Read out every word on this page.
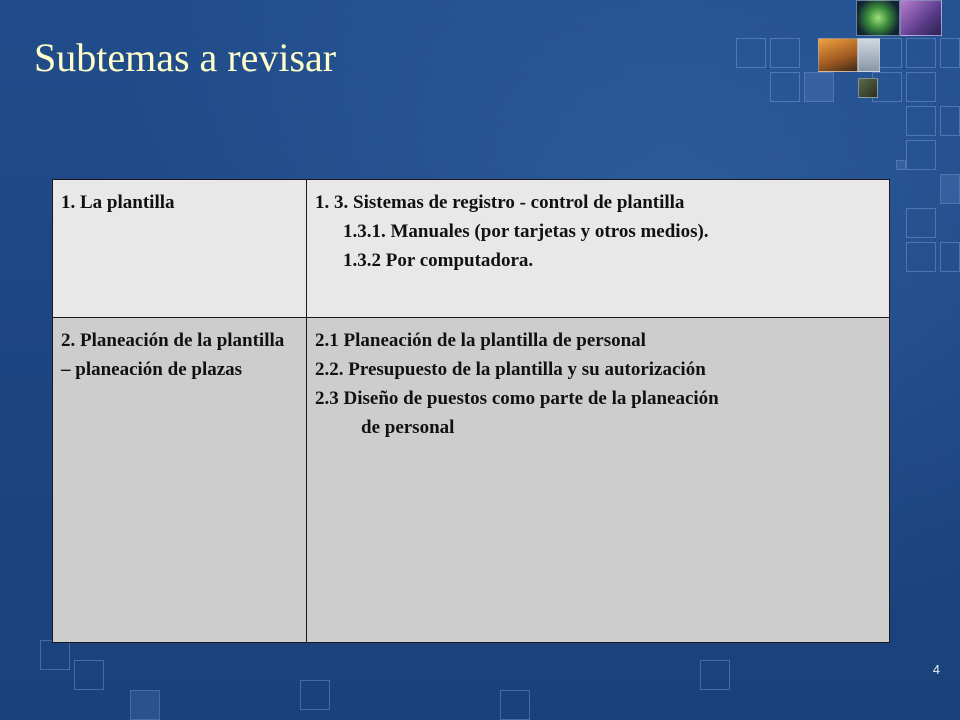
Subtemas a revisar
1. La plantilla	1. 3. Sistemas de registro - control de plantilla
1.3.1. Manuales (por tarjetas y otros medios).
1.3.2 Por computadora.

2. Planeación de la plantilla – planeación de plazas	2.1 Planeación de la plantilla de personal
2.2. Presupuesto de la plantilla y su autorización
2.3 Diseño de puestos como parte de la planeación
de personal
4
